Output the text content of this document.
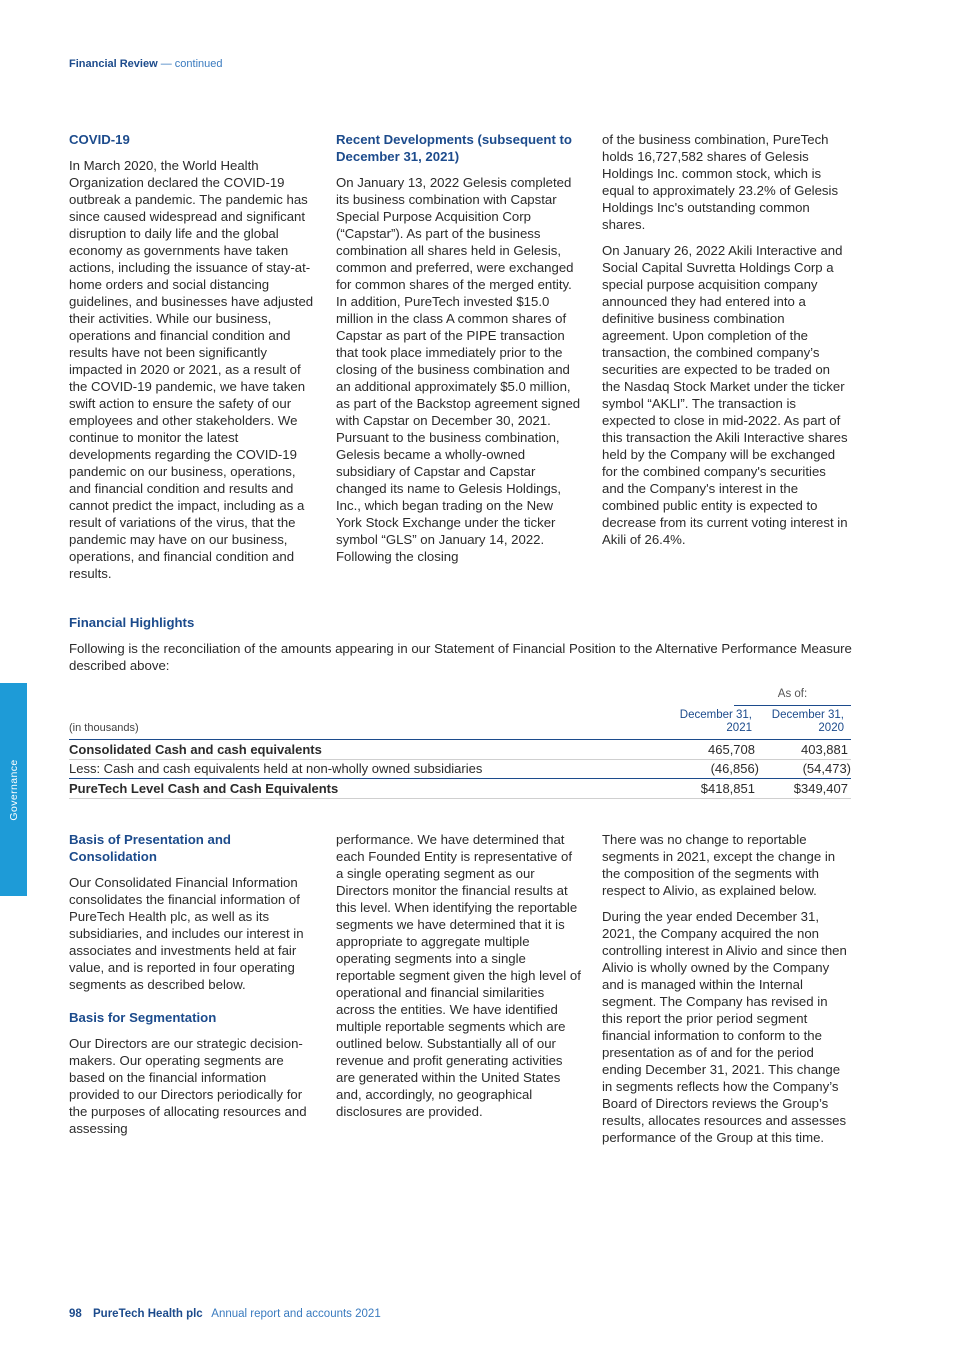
Financial Review — continued
COVID-19

In March 2020, the World Health Organization declared the COVID-19 outbreak a pandemic. The pandemic has since caused widespread and significant disruption to daily life and the global economy as governments have taken actions, including the issuance of stay-at-home orders and social distancing guidelines, and businesses have adjusted their activities. While our business, operations and financial condition and results have not been significantly impacted in 2020 or 2021, as a result of the COVID-19 pandemic, we have taken swift action to ensure the safety of our employees and other stakeholders. We continue to monitor the latest developments regarding the COVID-19 pandemic on our business, operations, and financial condition and results and cannot predict the impact, including as a result of variations of the virus, that the pandemic may have on our business, operations, and financial condition and results.

Recent Developments (subsequent to December 31, 2021)

On January 13, 2022 Gelesis completed its business combination with Capstar Special Purpose Acquisition Corp (“Capstar”). As part of the business combination all shares held in Gelesis, common and preferred, were exchanged for common shares of the merged entity. In addition, PureTech invested $15.0 million in the class A common shares of Capstar as part of the PIPE transaction that took place immediately prior to the closing of the business combination and an additional approximately $5.0 million, as part of the Backstop agreement signed with Capstar on December 30, 2021. Pursuant to the business combination, Gelesis became a wholly-owned subsidiary of Capstar and Capstar changed its name to Gelesis Holdings, Inc., which began trading on the New York Stock Exchange under the ticker symbol “GLS” on January 14, 2022. Following the closing

of the business combination, PureTech holds 16,727,582 shares of Gelesis Holdings Inc. common stock, which is equal to approximately 23.2% of Gelesis Holdings Inc's outstanding common shares.

On January 26, 2022 Akili Interactive and Social Capital Suvretta Holdings Corp a special purpose acquisition company announced they had entered into a definitive business combination agreement. Upon completion of the transaction, the combined company’s securities are expected to be traded on the Nasdaq Stock Market under the ticker symbol “AKLI”. The transaction is expected to close in mid-2022. As part of this transaction the Akili Interactive shares held by the Company will be exchanged for the combined company's securities and the Company's interest in the combined public entity is expected to decrease from its current voting interest in Akili of 26.4%.

Financial Highlights
Following is the reconciliation of the amounts appearing in our Statement of Financial Position to the Alternative Performance Measure described above:
As of:
(in thousands)
December 31, 2021
December 31, 2020
Consolidated Cash and cash equivalents	465,708	403,881
Less: Cash and cash equivalents held at non-wholly owned subsidiaries	(46,856)	(54,473)
PureTech Level Cash and Cash Equivalents	$418,851	$349,407
Governance
Basis of Presentation and Consolidation

Our Consolidated Financial Information consolidates the financial information of PureTech Health plc, as well as its subsidiaries, and includes our interest in associates and investments held at fair value, and is reported in four operating segments as described below.

Basis for Segmentation

Our Directors are our strategic decision-makers. Our operating segments are based on the financial information provided to our Directors periodically for the purposes of allocating resources and assessing

performance. We have determined that each Founded Entity is representative of a single operating segment as our Directors monitor the financial results at this level. When identifying the reportable segments we have determined that it is appropriate to aggregate multiple operating segments into a single reportable segment given the high level of operational and financial similarities across the entities. We have identified multiple reportable segments which are outlined below. Substantially all of our revenue and profit generating activities are generated within the United States and, accordingly, no geographical disclosures are provided.

There was no change to reportable segments in 2021, except the change in the composition of the segments with respect to Alivio, as explained below.

During the year ended December 31, 2021, the Company acquired the non controlling interest in Alivio and since then Alivio is wholly owned by the Company and is managed within the Internal segment. The Company has revised in this report the prior period segment financial information to conform to the presentation as of and for the period ending December 31, 2021. This change in segments reflects how the Company’s Board of Directors reviews the Group’s results, allocates resources and assesses performance of the Group at this time.

98 PureTech Health plc Annual report and accounts 2021
